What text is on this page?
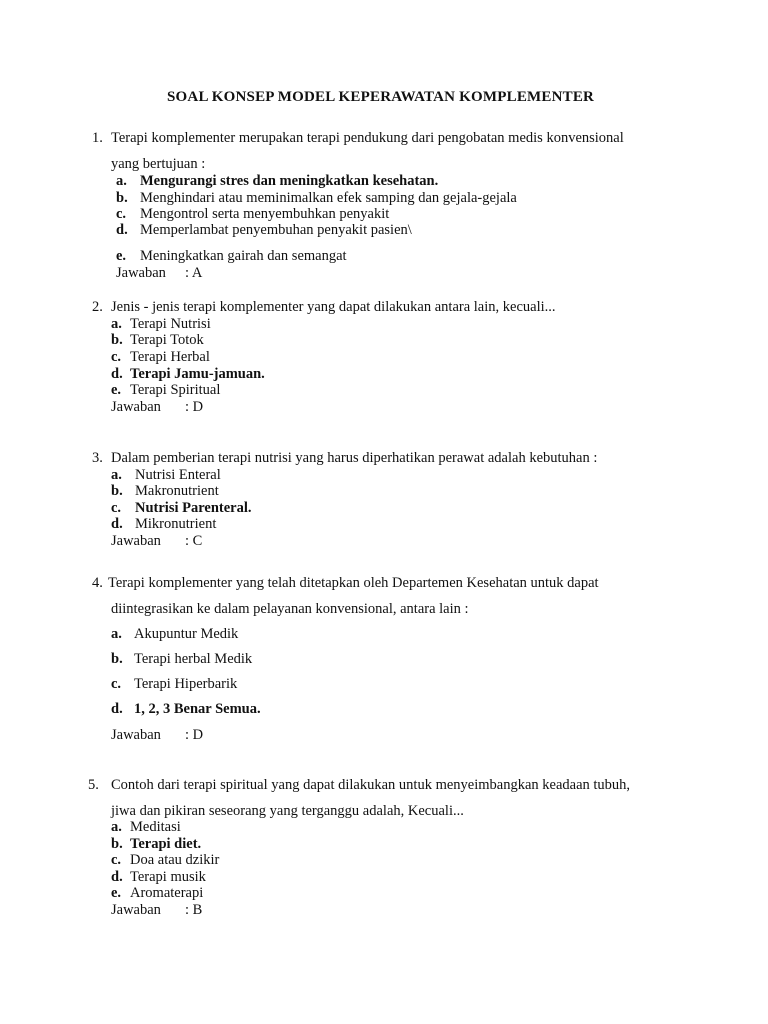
SOAL KONSEP MODEL KEPERAWATAN KOMPLEMENTER
1. Terapi komplementer merupakan terapi pendukung dari pengobatan medis konvensional
yang bertujuan :
a. Mengurangi stres dan meningkatkan kesehatan.
b. Menghindari atau meminimalkan efek samping dan gejala-gejala
c. Mengontrol serta menyembuhkan penyakit
d. Memperlambat penyembuhan penyakit pasien\
e. Meningkatkan gairah dan semangat
Jawaban : A
2. Jenis - jenis terapi komplementer yang dapat dilakukan antara lain, kecuali...
a. Terapi Nutrisi
b. Terapi Totok
c. Terapi Herbal
d. Terapi Jamu-jamuan.
e. Terapi Spiritual
Jawaban : D
3. Dalam pemberian terapi nutrisi yang harus diperhatikan perawat adalah kebutuhan :
a. Nutrisi Enteral
b. Makronutrient
c. Nutrisi Parenteral.
d. Mikronutrient
Jawaban : C
4. Terapi komplementer yang telah ditetapkan oleh Departemen Kesehatan untuk dapat
diintegrasikan ke dalam pelayanan konvensional, antara lain :
a. Akupuntur Medik
b. Terapi herbal Medik
c. Terapi Hiperbarik
d. 1, 2, 3 Benar Semua.
Jawaban : D
5. Contoh dari terapi spiritual yang dapat dilakukan untuk menyeimbangkan keadaan tubuh,
jiwa dan pikiran seseorang yang terganggu adalah, Kecuali...
a. Meditasi
b. Terapi diet.
c. Doa atau dzikir
d. Terapi musik
e. Aromaterapi
Jawaban : B
